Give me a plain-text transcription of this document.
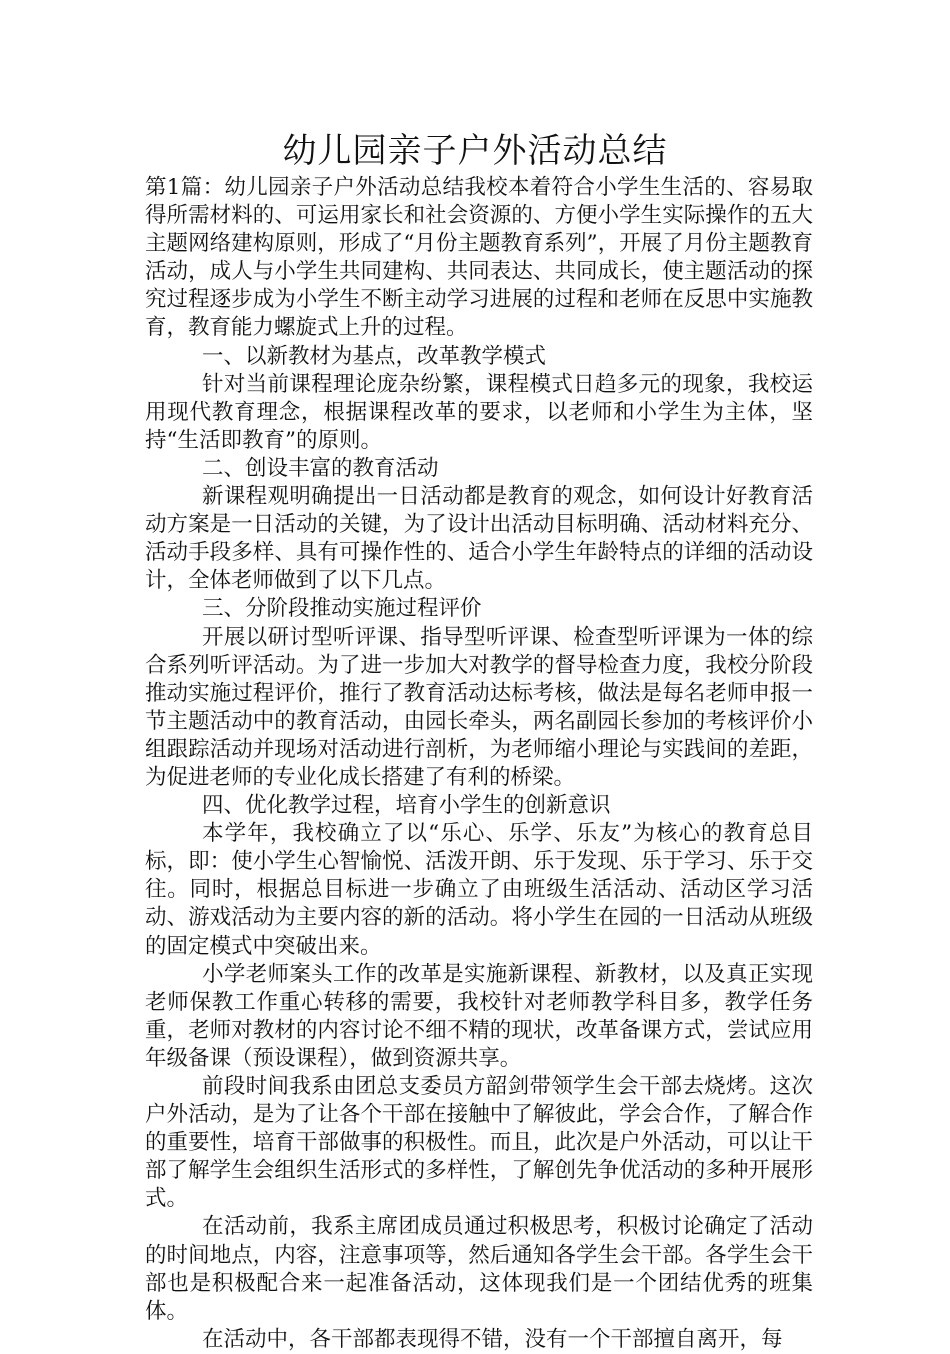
幼儿园亲子户外活动总结

第1篇：幼儿园亲子户外活动总结我校本着符合小学生生活的、容易取得所需材料的、可运用家长和社会资源的、方便小学生实际操作的五大主题网络建构原则，形成了“月份主题教育系列”，开展了月份主题教育活动，成人与小学生共同建构、共同表达、共同成长，使主题活动的探究过程逐步成为小学生不断主动学习进展的过程和老师在反思中实施教育，教育能力螺旋式上升的过程。

一、以新教材为基点，改革教学模式

针对当前课程理论庞杂纷繁，课程模式日趋多元的现象，我校运用现代教育理念，根据课程改革的要求，以老师和小学生为主体，坚持“生活即教育”的原则。

二、创设丰富的教育活动

新课程观明确提出一日活动都是教育的观念，如何设计好教育活动方案是一日活动的关键，为了设计出活动目标明确、活动材料充分、活动手段多样、具有可操作性的、适合小学生年龄特点的详细的活动设计，全体老师做到了以下几点。

三、分阶段推动实施过程评价

开展以研讨型听评课、指导型听评课、检查型听评课为一体的综合系列听评活动。为了进一步加大对教学的督导检查力度，我校分阶段推动实施过程评价，推行了教育活动达标考核，做法是每名老师申报一节主题活动中的教育活动，由园长牵头，两名副园长参加的考核评价小组跟踪活动并现场对活动进行剖析，为老师缩小理论与实践间的差距，为促进老师的专业化成长搭建了有利的桥梁。

四、优化教学过程，培育小学生的创新意识

本学年，我校确立了以“乐心、乐学、乐友”为核心的教育总目标，即：使小学生心智愉悦、活泼开朗、乐于发现、乐于学习、乐于交往。同时，根据总目标进一步确立了由班级生活活动、活动区学习活动、游戏活动为主要内容的新的活动。将小学生在园的一日活动从班级的固定模式中突破出来。

小学老师案头工作的改革是实施新课程、新教材，以及真正实现老师保教工作重心转移的需要，我校针对老师教学科目多，教学任务重，老师对教材的内容讨论不细不精的现状，改革备课方式，尝试应用年级备课（预设课程），做到资源共享。

前段时间我系由团总支委员方韶剑带领学生会干部去烧烤。这次户外活动，是为了让各个干部在接触中了解彼此，学会合作，了解合作的重要性，培育干部做事的积极性。而且，此次是户外活动，可以让干部了解学生会组织生活形式的多样性，了解创先争优活动的多种开展形式。

在活动前，我系主席团成员通过积极思考，积极讨论确定了活动的时间地点，内容，注意事项等，然后通知各学生会干部。各学生会干部也是积极配合来一起准备活动，这体现我们是一个团结优秀的班集体。

在活动中，各干部都表现得不错，没有一个干部擅自离开，每
